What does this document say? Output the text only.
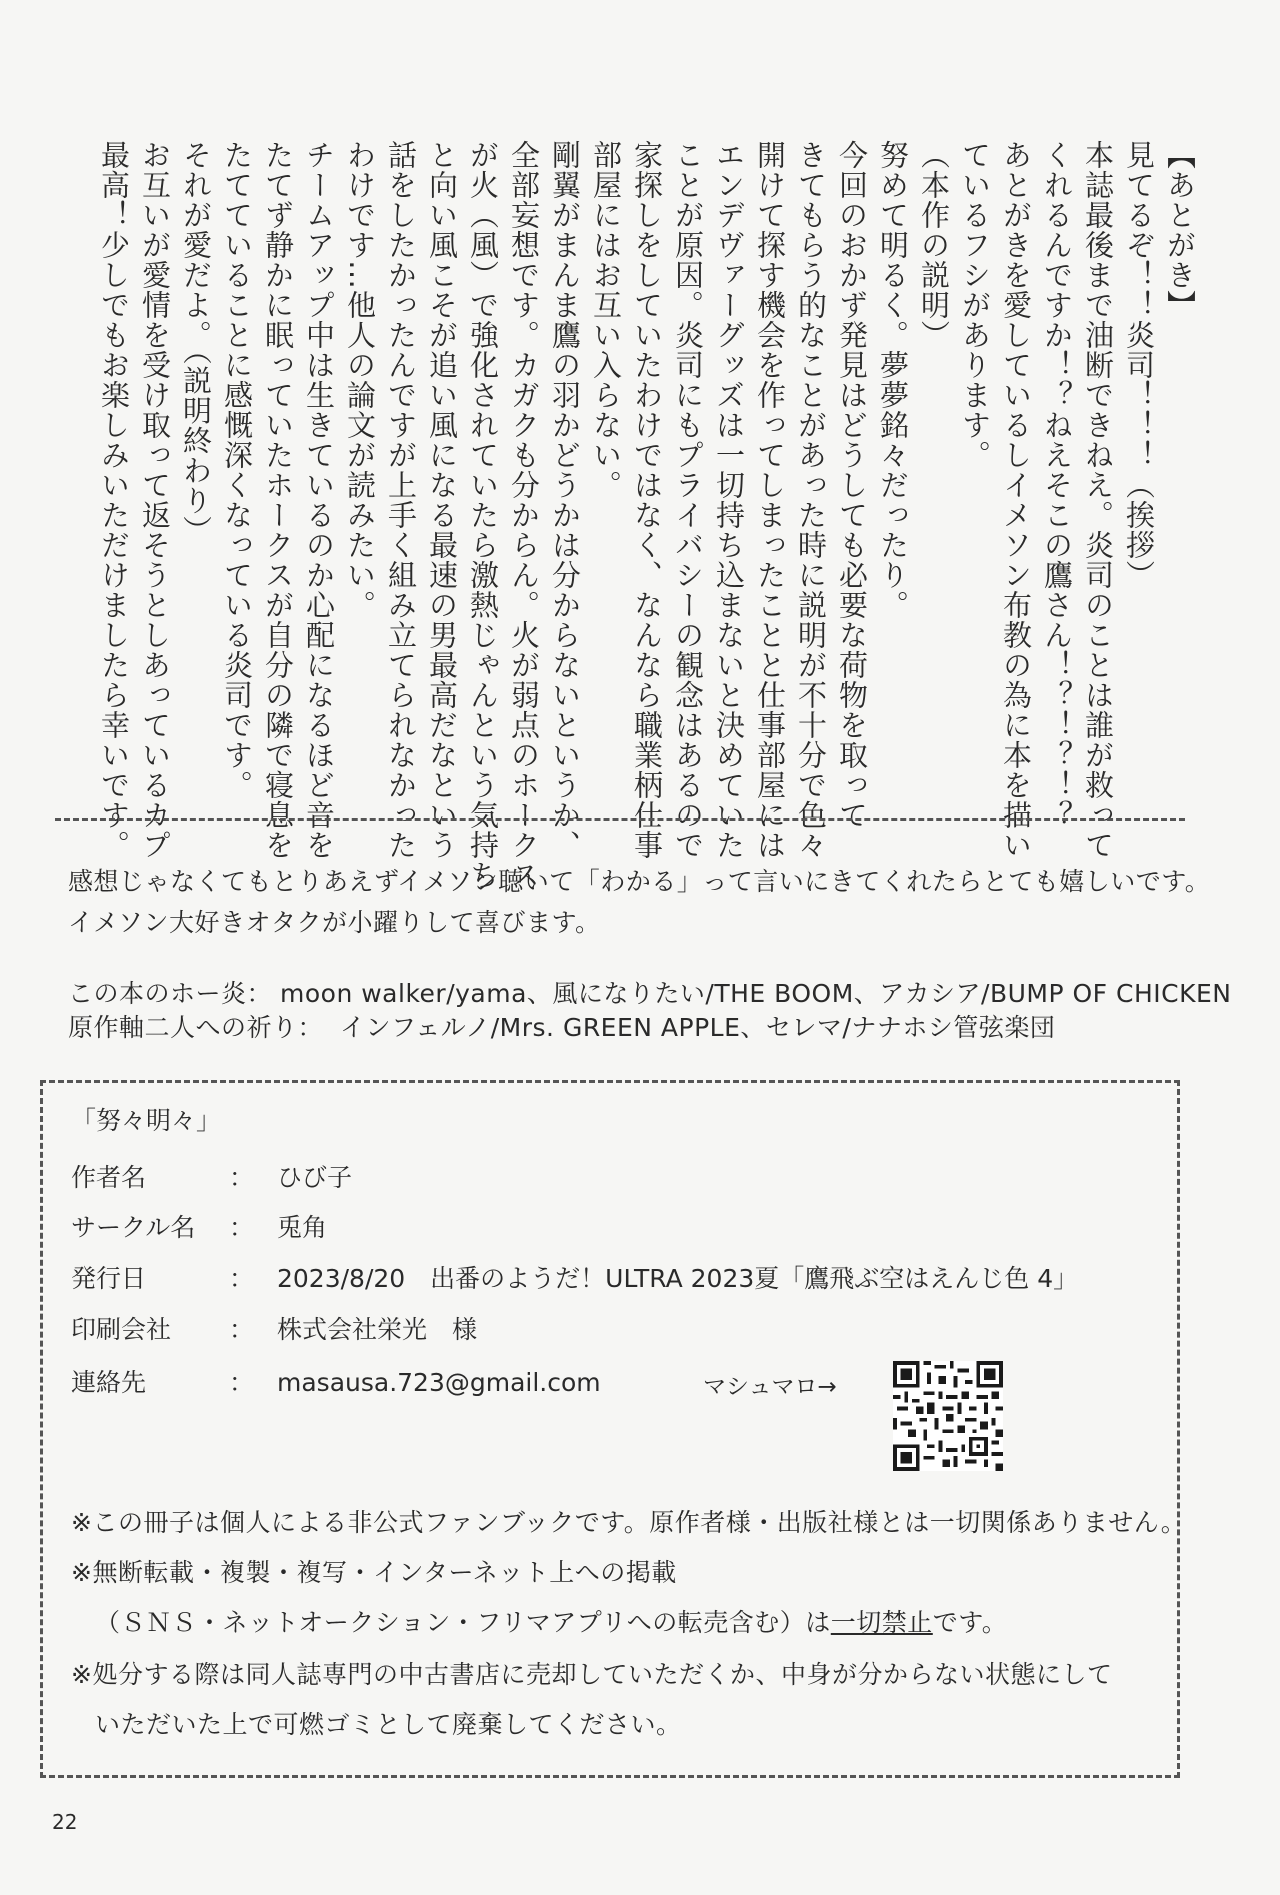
【あとがき】
見てるぞ！！炎司！！！（挨拶）
本誌最後まで油断できねえ。炎司のことは誰が救って
くれるんですか！？ねえそこの鷹さん！？！？！？
あとがきを愛しているしイメソン布教の為に本を描い
ているフシがあります。
（本作の説明）
努めて明るく。夢夢銘々だったり。
今回のおかず発見はどうしても必要な荷物を取って
きてもらう的なことがあった時に説明が不十分で色々
開けて探す機会を作ってしまったことと仕事部屋には
エンデヴァーグッズは一切持ち込まないと決めていた
ことが原因。炎司にもプライバシーの観念はあるので
家探しをしていたわけではなく、なんなら職業柄仕事
部屋にはお互い入らない。
剛翼がまんま鷹の羽かどうかは分からないというか、
全部妄想です。カガクも分からん。火が弱点のホークス
が火（風）で強化されていたら激熱じゃんという気持ち
と向い風こそが追い風になる最速の男最高だなという
話をしたかったんですが上手く組み立てられなかった
わけです…他人の論文が読みたい。
チームアップ中は生きているのか心配になるほど音を
たてず静かに眠っていたホークスが自分の隣で寝息を
たてていることに感慨深くなっている炎司です。
それが愛だよ。（説明終わり）
お互いが愛情を受け取って返そうとしあっているカプ
最高！少しでもお楽しみいただけましたら幸いです。
感想じゃなくてもとりあえずイメソン聴いて「わかる」って言いにきてくれたらとても嬉しいです。
イメソン大好きオタクが小躍りして喜びます。
この本のホー炎： moon walker/yama、風になりたい/THE BOOM、アカシア/BUMP OF CHICKEN
原作軸二人への祈り： インフェルノ/Mrs. GREEN APPLE、セレマ/ナナホシ管弦楽団
「努々明々」
作者名	： ひび子
サークル名 ： 兎角
発行日	： 2023/8/20　出番のようだ！ULTRA 2023夏「鷹飛ぶ空はえんじ色 4」
印刷会社 ： 株式会社栄光　様
連絡先	： masausa.723@gmail.com	マシュマロ→
※この冊子は個人による非公式ファンブックです。原作者様・出版社様とは一切関係ありません。
※無断転載・複製・複写・インターネット上への掲載
（ＳＮＳ・ネットオークション・フリマアプリへの転売含む）は一切禁止です。
※処分する際は同人誌専門の中古書店に売却していただくか、中身が分からない状態にして
いただいた上で可燃ゴミとして廃棄してください。
22
